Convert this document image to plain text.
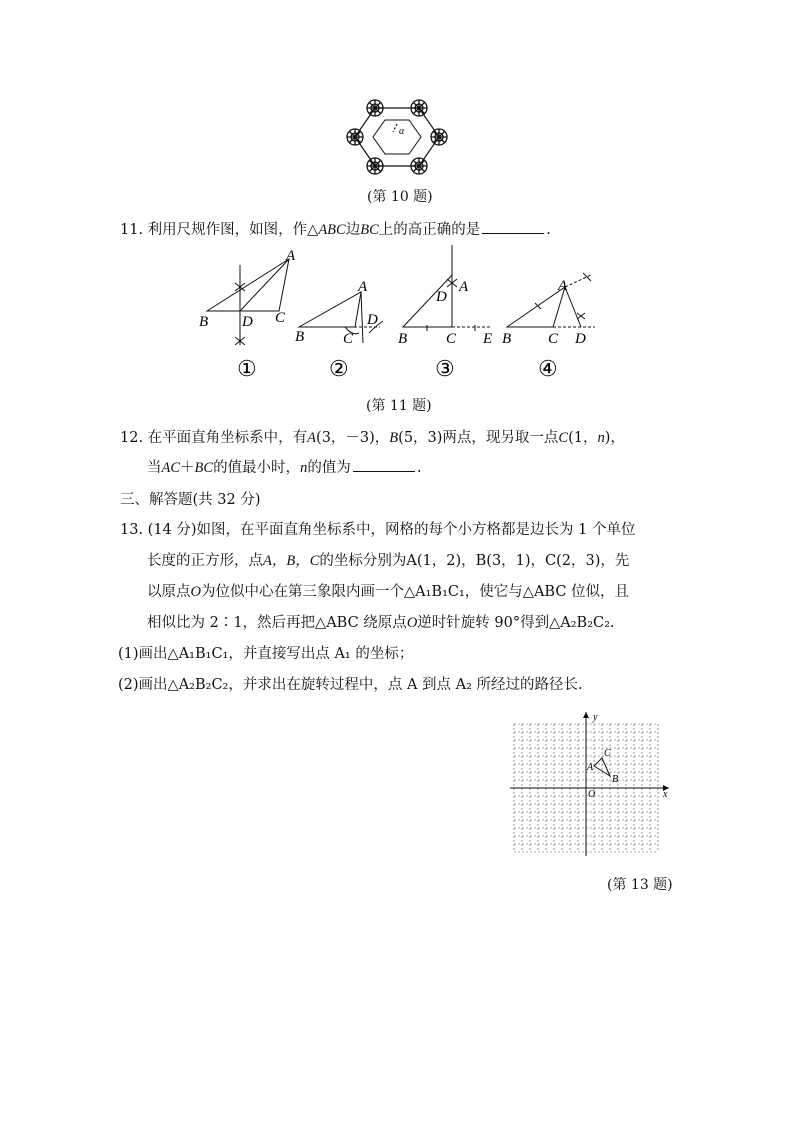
α
(第 10 题)
11. 利用尺规作图，如图，作△ABC边BC上的高正确的是	.
A
B D C
A
B	C
D
D
A
B	C E
A
B C D
①	②	③	④
(第 11 题)
12. 在平面直角坐标系中，有A(3，－3)，B(5，3)两点，现另取一点C(1，n)，
当AC＋BC的值最小时，n的值为	.
三、解答题(共 32 分)
13. (14 分)如图，在平面直角坐标系中，网格的每个小方格都是边长为 1 个单位
长度的正方形，点A，B，C的坐标分别为A(1，2)，B(3，1)，C(2，3)，先
以原点O为位似中心在第三象限内画一个△A₁B₁C₁，使它与△ABC 位似，且
相似比为 2∶1，然后再把△ABC 绕原点O逆时针旋转 90°得到△A₂B₂C₂.
(1)画出△A₁B₁C₁，并直接写出点 A₁ 的坐标；
(2)画出△A₂B₂C₂，并求出在旋转过程中，点 A 到点 A₂ 所经过的路径长.
y
x
O
A
B
C
(第 13 题)
